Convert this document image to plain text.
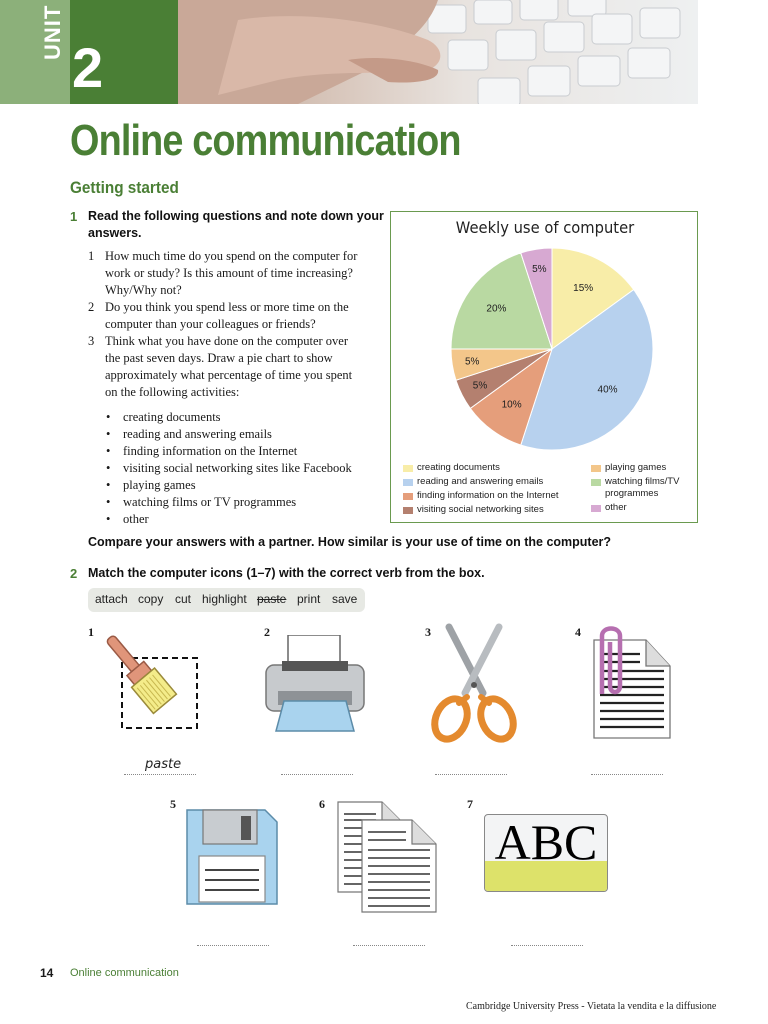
UNIT
2
Online communication
Getting started
1 Read the following questions and note down your
answers.
1 How much time do you spend on the computer for
work or study? Is this amount of time increasing?
Why/Why not?
2 Do you think you spend less or more time on the
computer than your colleagues or friends?
3 Think what you have done on the computer over
the past seven days. Draw a pie chart to show
approximately what percentage of time you spent
on the following activities:
• creating documents
• reading and answering emails
• finding information on the Internet
• visiting social networking sites like Facebook
• playing games
• watching films or TV programmes
• other
Weekly use of computer
15%
40%
10%
5%
5%
20%
5%
creating documents
reading and answering emails
finding information on the Internet
visiting social networking sites
playing games
watching films/TV
programmes
other
Compare your answers with a partner. How similar is your use of time on the computer?
2 Match the computer icons (1–7) with the correct verb from the box.
attach copy cut highlight paste print save
1	2	3	4
5	6	7
ABC
paste
14 Online communication
Cambridge University Press - Vietata la vendita e la diffusione
